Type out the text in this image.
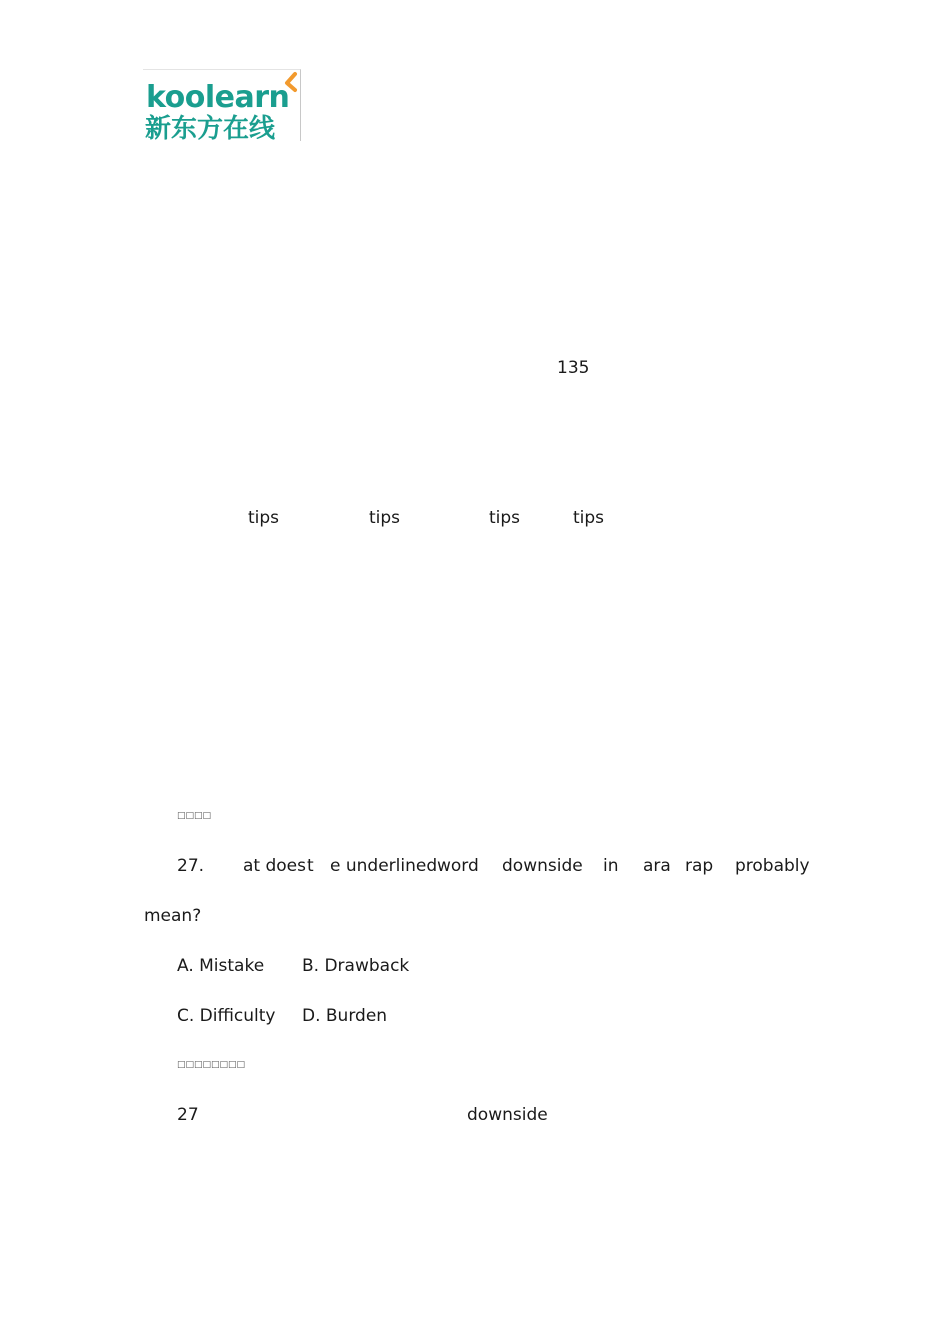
koolearn
新东方在线
135
tips	tips	tips	tips
□□□□
27. at does t e underlined word downside in ara rap probably
mean?
A. Mistake B. Drawback
C. Difficulty D. Burden
□□□□□□□□
27	downside
